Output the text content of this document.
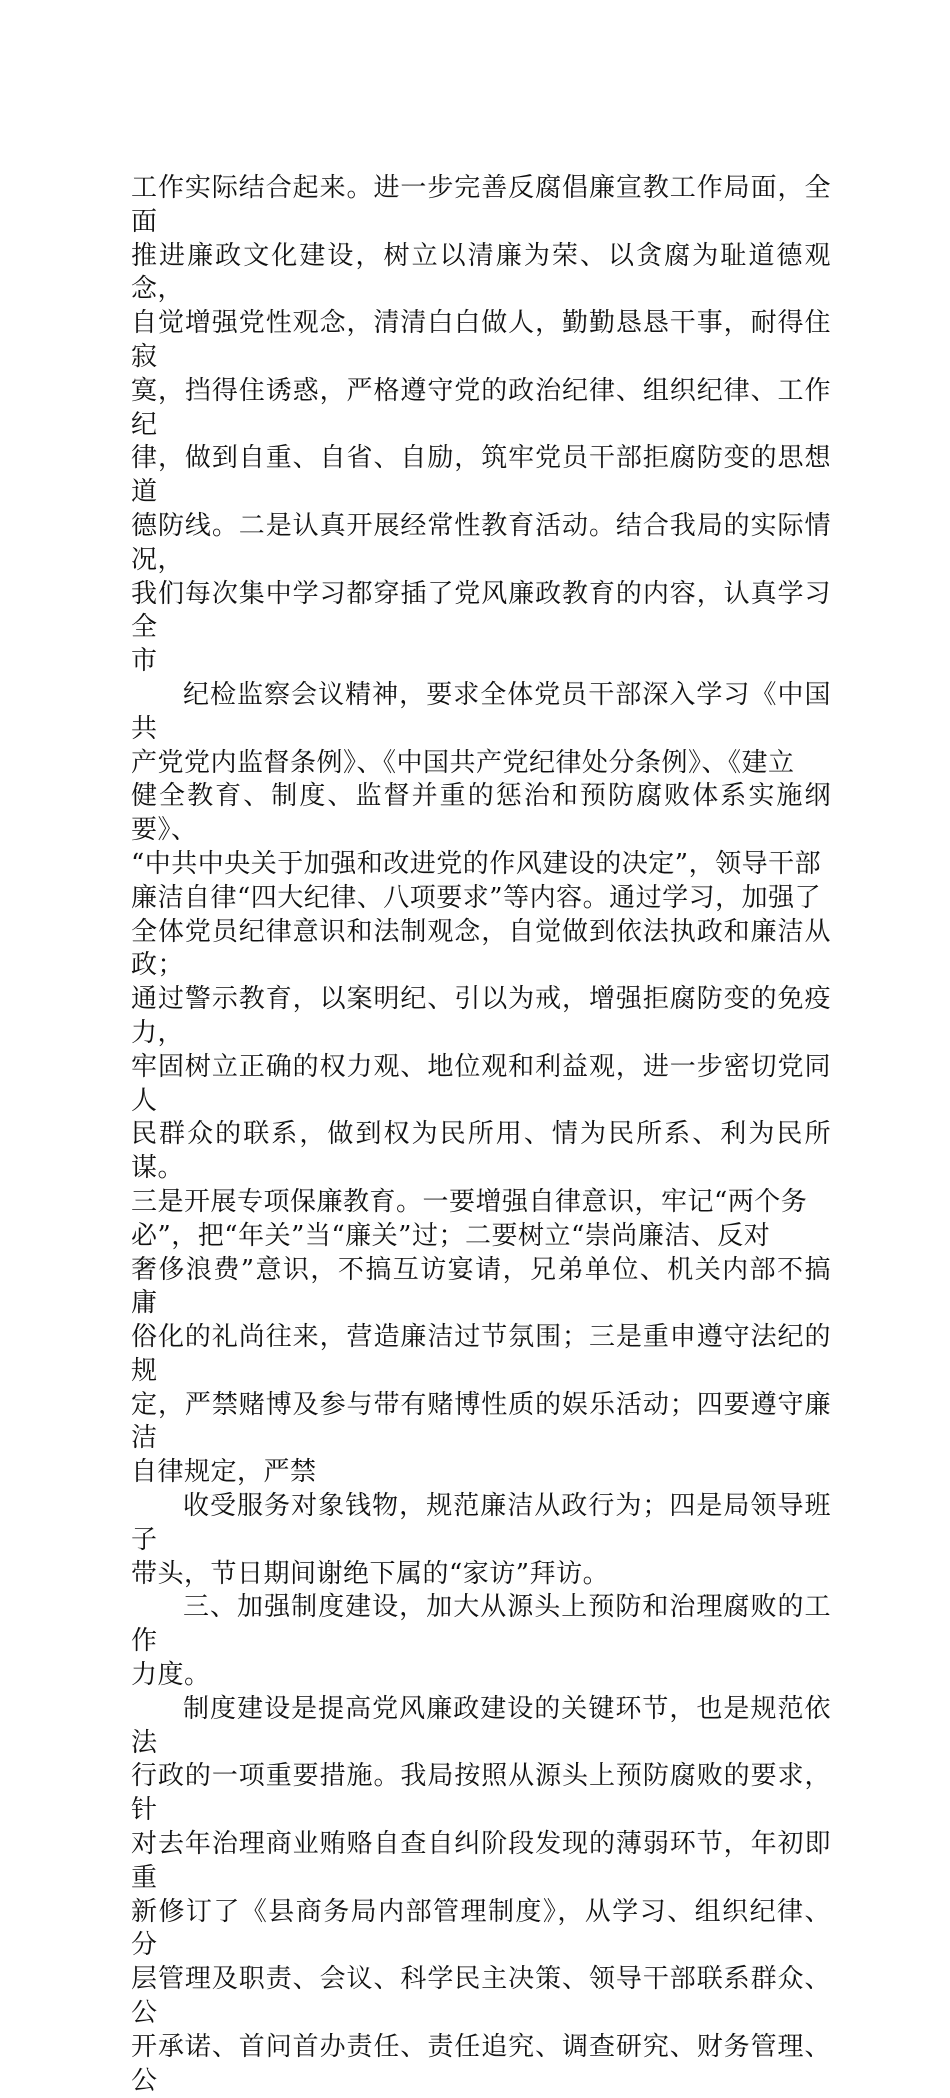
工作实际结合起来。进一步完善反腐倡廉宣教工作局面，全面
推进廉政文化建设，树立以清廉为荣、以贪腐为耻道德观念，
自觉增强党性观念，清清白白做人，勤勤恳恳干事，耐得住寂
寞，挡得住诱惑，严格遵守党的政治纪律、组织纪律、工作纪
律，做到自重、自省、自励，筑牢党员干部拒腐防变的思想道
德防线。二是认真开展经常性教育活动。结合我局的实际情况，
我们每次集中学习都穿插了党风廉政教育的内容，认真学习全
市
纪检监察会议精神，要求全体党员干部深入学习《中国共
产党党内监督条例》、《中国共产党纪律处分条例》、《建立
健全教育、制度、监督并重的惩治和预防腐败体系实施纲要》、
“中共中央关于加强和改进党的作风建设的决定”，领导干部
廉洁自律“四大纪律、八项要求”等内容。通过学习，加强了
全体党员纪律意识和法制观念，自觉做到依法执政和廉洁从政；
通过警示教育，以案明纪、引以为戒，增强拒腐防变的免疫力，
牢固树立正确的权力观、地位观和利益观，进一步密切党同人
民群众的联系，做到权为民所用、情为民所系、利为民所谋。
三是开展专项保廉教育。一要增强自律意识，牢记“两个务
必”，把“年关”当“廉关”过；二要树立“崇尚廉洁、反对
奢侈浪费”意识，不搞互访宴请，兄弟单位、机关内部不搞庸
俗化的礼尚往来，营造廉洁过节氛围；三是重申遵守法纪的规
定，严禁赌博及参与带有赌博性质的娱乐活动；四要遵守廉洁
自律规定，严禁
收受服务对象钱物，规范廉洁从政行为；四是局领导班子
带头，节日期间谢绝下属的“家访”拜访。
三、加强制度建设，加大从源头上预防和治理腐败的工作
力度。
制度建设是提高党风廉政建设的关键环节，也是规范依法
行政的一项重要措施。我局按照从源头上预防腐败的要求，针
对去年治理商业贿赂自查自纠阶段发现的薄弱环节，年初即重
新修订了《县商务局内部管理制度》，从学习、组织纪律、分
层管理及职责、会议、科学民主决策、领导干部联系群众、公
开承诺、首问首办责任、责任追究、调查研究、财务管理、公
